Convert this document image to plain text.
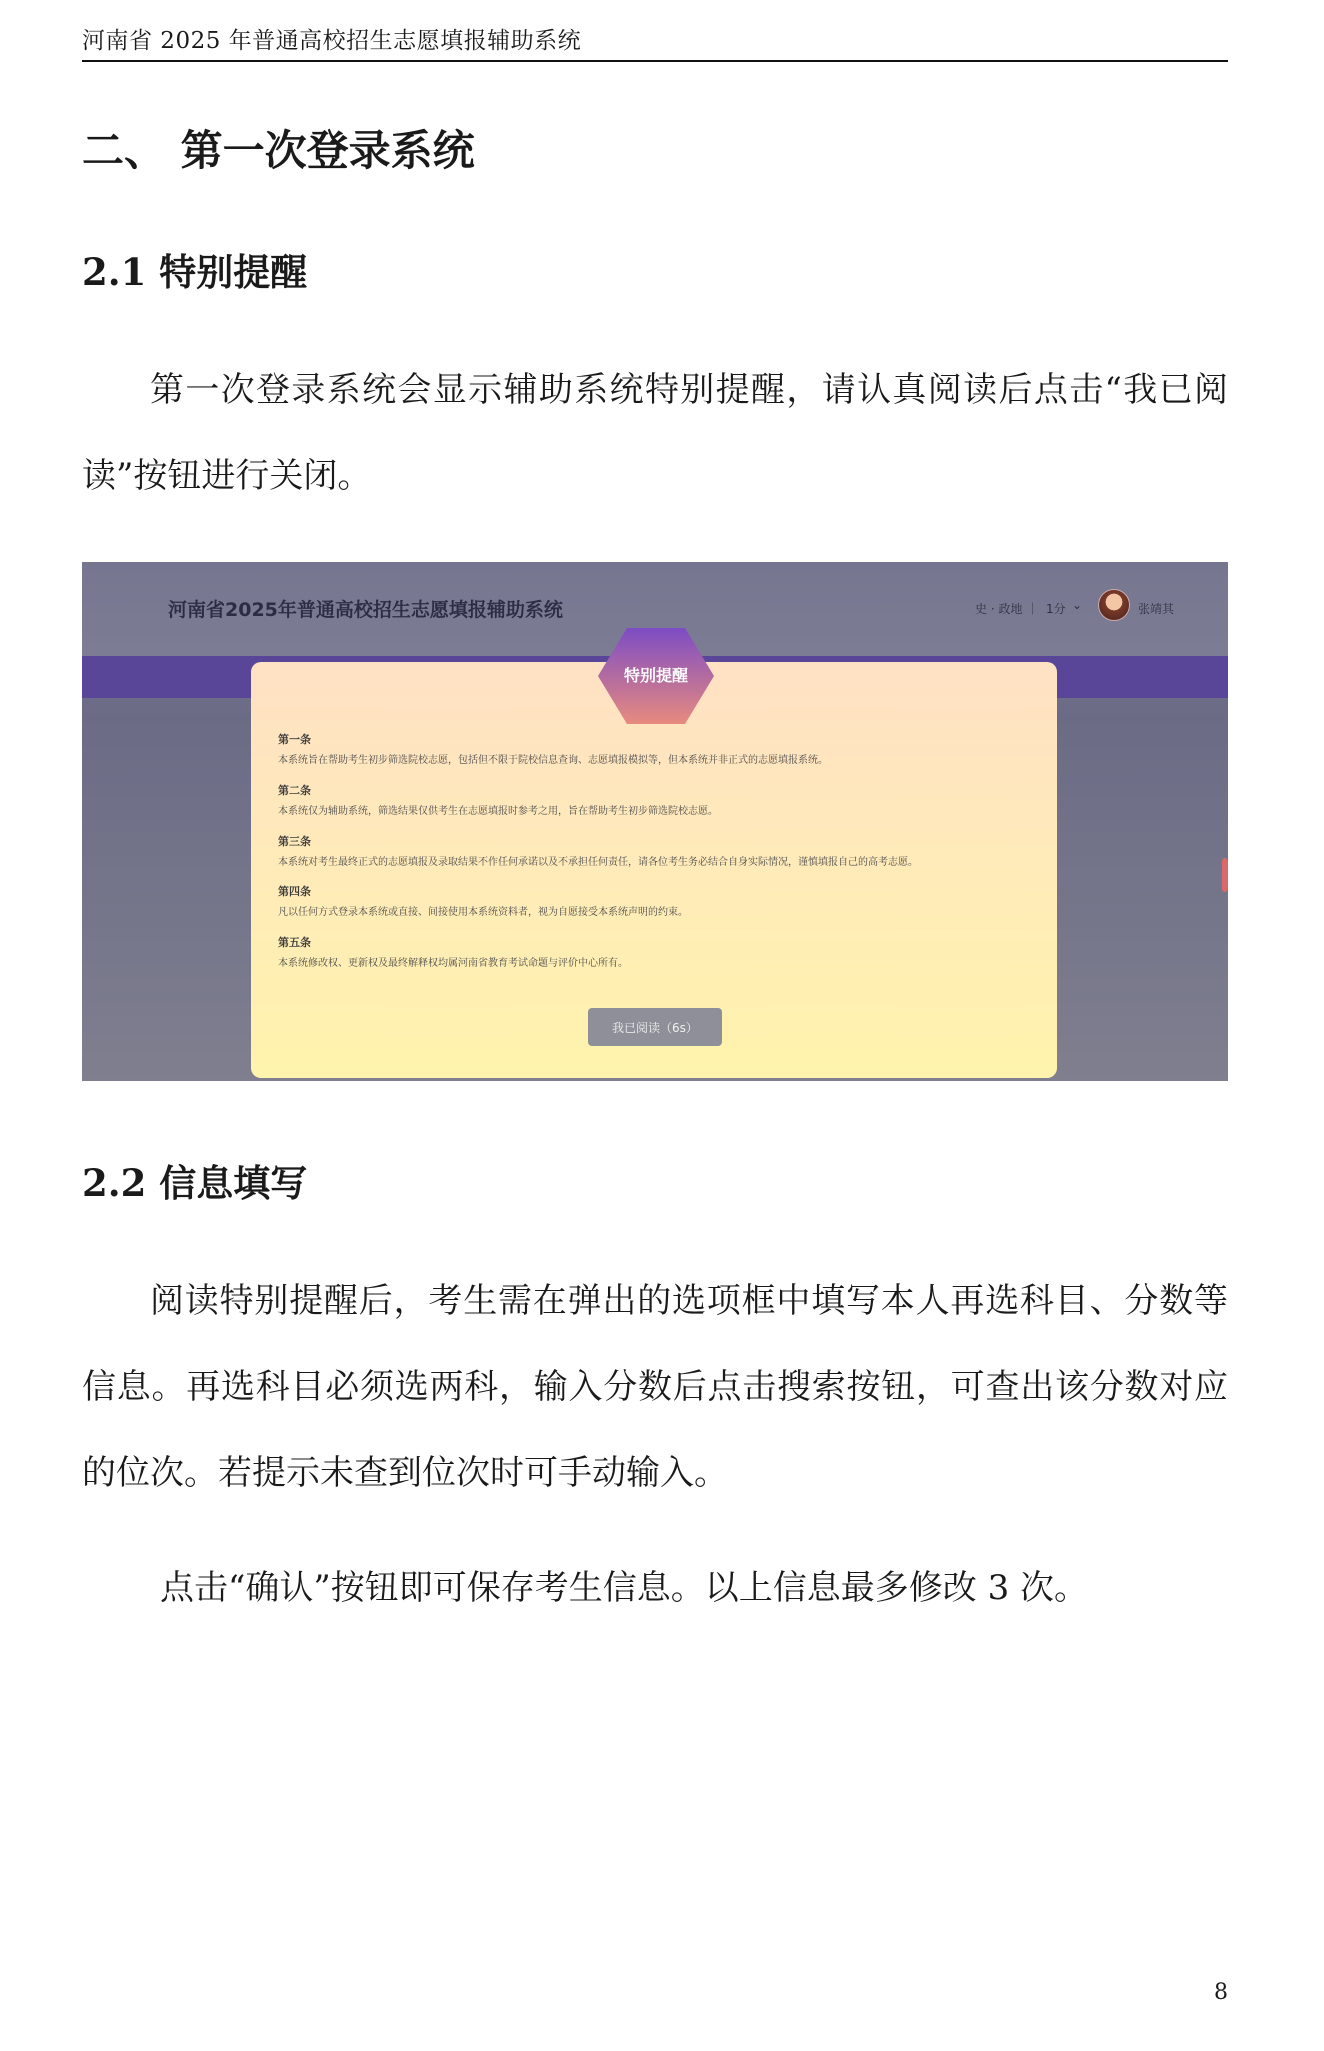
河南省 2025 年普通高校招生志愿填报辅助系统
二、 第一次登录系统
2.1 特别提醒
第一次登录系统会显示辅助系统特别提醒，请认真阅读后点击“我已阅读”按钮进行关闭。
河南省2025年普通高校招生志愿填报辅助系统	史 · 政地 ｜ 1分 ⌄	张靖其
特别提醒
第一条
本系统旨在帮助考生初步筛选院校志愿，包括但不限于院校信息查询、志愿填报模拟等，但本系统并非正式的志愿填报系统。
第二条
本系统仅为辅助系统，筛选结果仅供考生在志愿填报时参考之用，旨在帮助考生初步筛选院校志愿。
第三条
本系统对考生最终正式的志愿填报及录取结果不作任何承诺以及不承担任何责任，请各位考生务必结合自身实际情况，谨慎填报自己的高考志愿。
第四条
凡以任何方式登录本系统或直接、间接使用本系统资料者，视为自愿接受本系统声明的约束。
第五条
本系统修改权、更新权及最终解释权均属河南省教育考试命题与评价中心所有。
我已阅读（6s）
2.2 信息填写
阅读特别提醒后，考生需在弹出的选项框中填写本人再选科目、分数等信息。再选科目必须选两科，输入分数后点击搜索按钮，可查出该分数对应的位次。若提示未查到位次时可手动输入。
点击“确认”按钮即可保存考生信息。以上信息最多修改 3 次。
8
